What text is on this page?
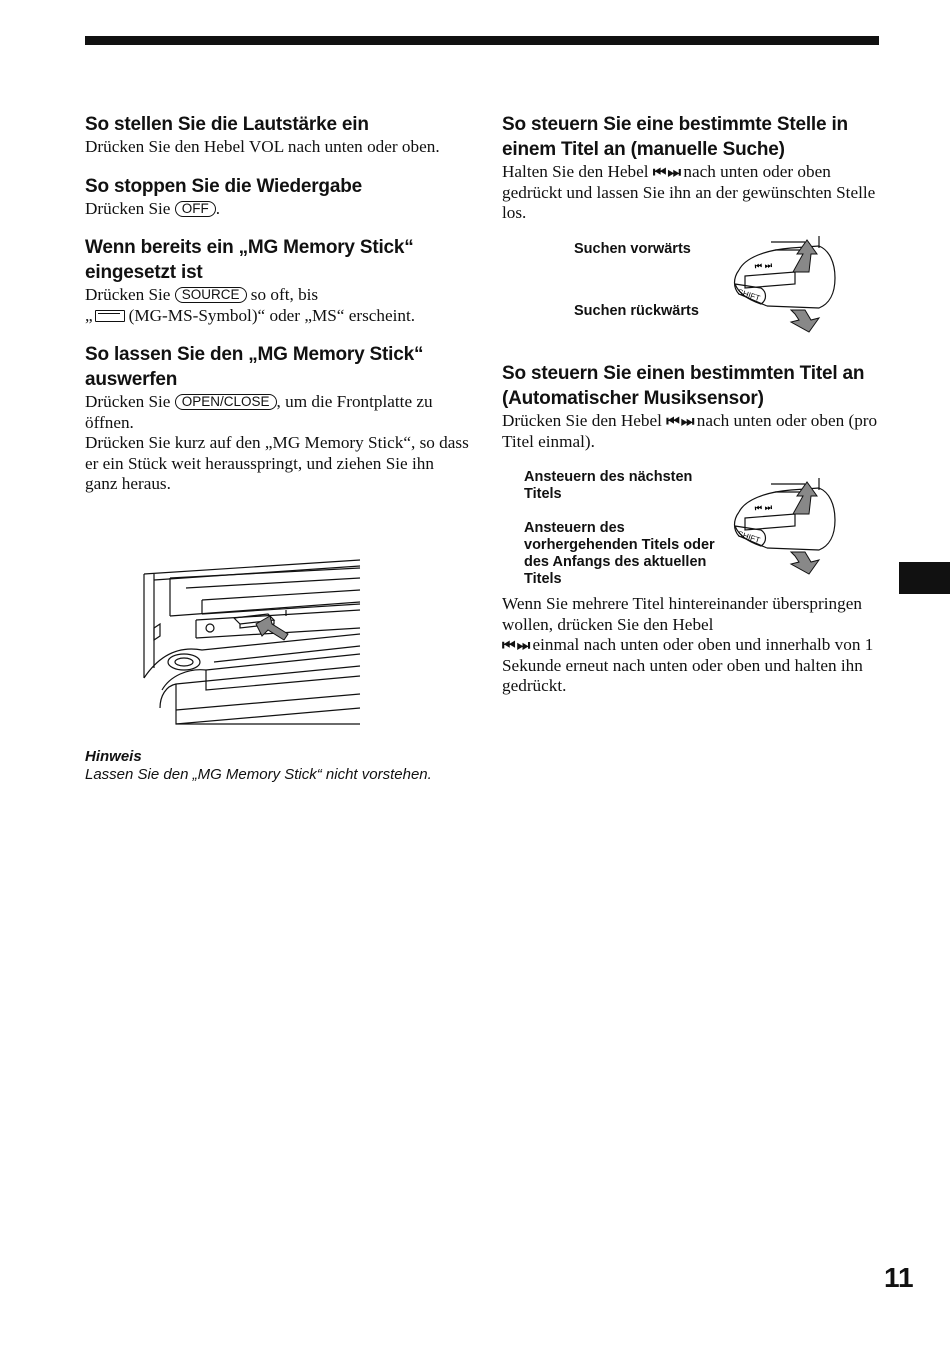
So stellen Sie die Lautstärke ein

Drücken Sie den Hebel VOL nach unten oder oben.

So stoppen Sie die Wiedergabe

Drücken Sie OFF .

Wenn bereits ein „MG Memory Stick“ eingesetzt ist

Drücken Sie SOURCE so oft, bis
„ (MG-MS-Symbol)“ oder „MS“ erscheint.

So lassen Sie den „MG Memory Stick“ auswerfen

Drücken Sie OPEN/CLOSE , um die Frontplatte zu öffnen.
Drücken Sie kurz auf den „MG Memory Stick“, so dass er ein Stück weit herausspringt, und ziehen Sie ihn ganz heraus.

Hinweis
Lassen Sie den „MG Memory Stick“ nicht vorstehen.
So steuern Sie eine bestimmte Stelle in einem Titel an (manuelle Suche)

Halten Sie den Hebel ⏮ ⏭ nach unten oder oben gedrückt und lassen Sie ihn an der gewünschten Stelle los.

Suchen vorwärts
Suchen rückwärts
⏮ ⏭
SHIFT
So steuern Sie einen bestimmten Titel an (Automatischer Musiksensor)

Drücken Sie den Hebel ⏮ ⏭ nach unten oder oben (pro Titel einmal).

Ansteuern des nächsten Titels
Ansteuern des vorhergehenden Titels oder des Anfangs des aktuellen Titels
⏮ ⏭
SHIFT

Wenn Sie mehrere Titel hintereinander überspringen wollen, drücken Sie den Hebel
⏮ ⏭ einmal nach unten oder oben und innerhalb von 1 Sekunde erneut nach unten oder oben und halten ihn gedrückt.

11
